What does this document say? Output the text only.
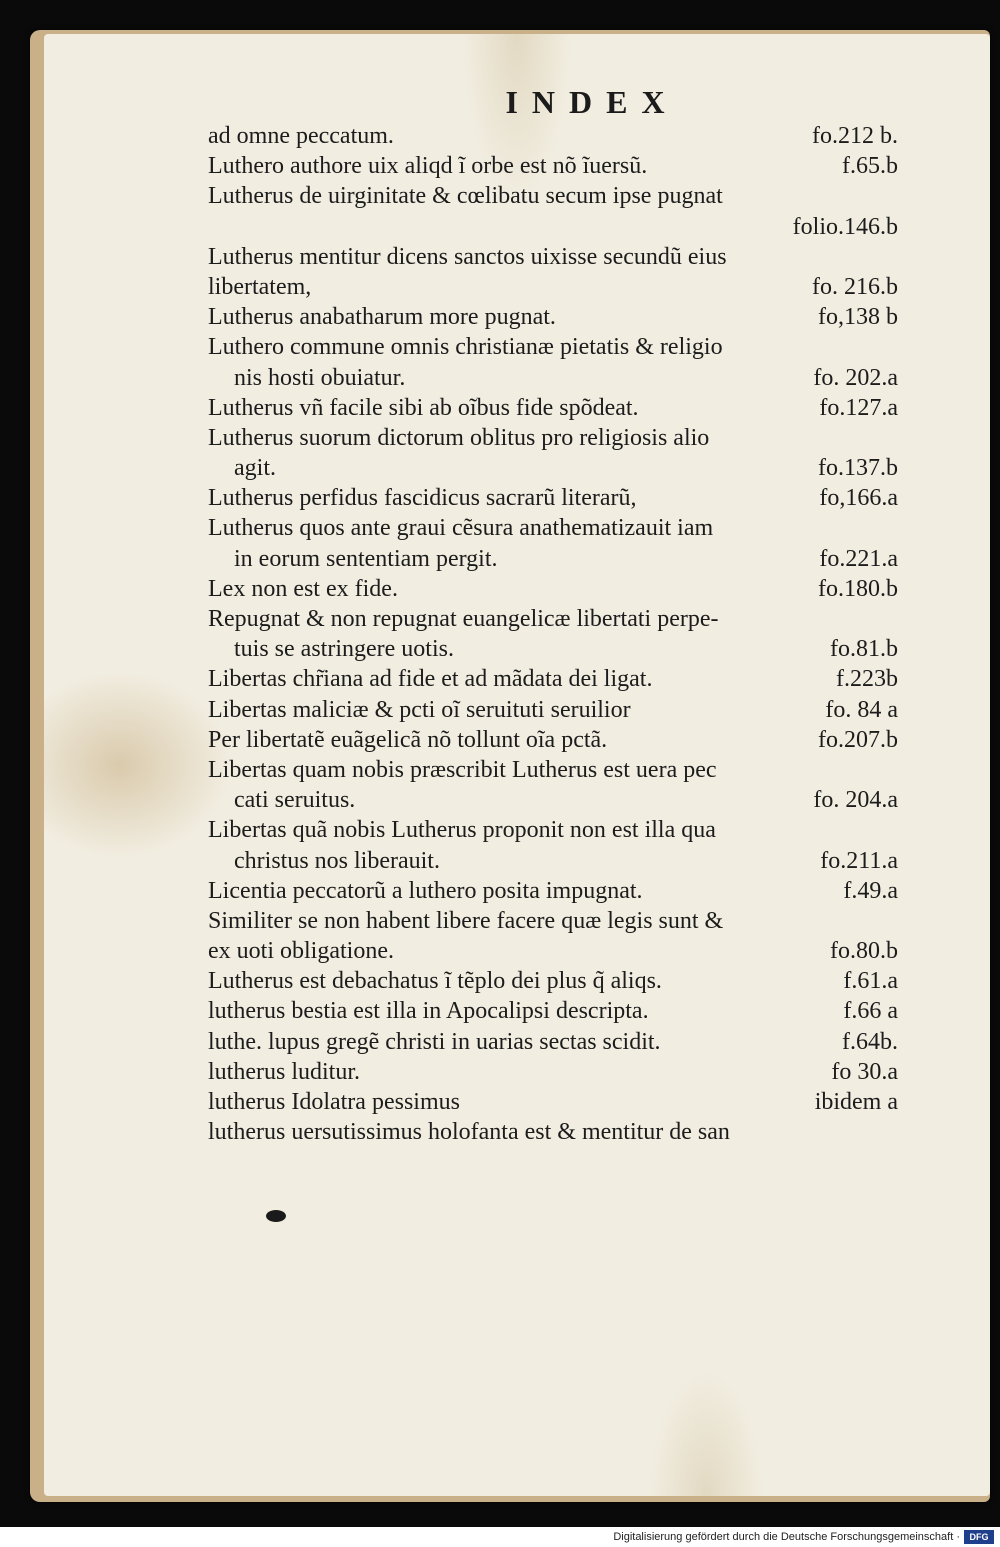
INDEX
ad omne peccatum.	fo.212 b.
Luthero authore uix aliqd ĩ orbe est nõ ĩuersũ.	f.65.b
Lutherus de uirginitate & cœlibatu secum ipse pugnat
folio.146.b
Lutherus mentitur dicens sanctos uixisse secundũ eius
libertatem,	fo. 216.b
Lutherus anabatharum more pugnat.	fo,138 b
Luthero commune omnis christianæ pietatis & religio
nis hosti obuiatur.	fo. 202.a
Lutherus vñ facile sibi ab oĩbus fide spõdeat.	fo.127.a
Lutherus suorum dictorum oblitus pro religiosis alio
agit.	fo.137.b
Lutherus perfidus fascidicus sacrarũ literarũ,	fo,166.a
Lutherus quos ante graui cẽsura anathematizauit iam
in eorum sententiam pergit.	fo.221.a
Lex non est ex fide.	fo.180.b
Repugnat & non repugnat euangelicæ libertati perpe-
tuis se astringere uotis.	fo.81.b
Libertas chr̃iana ad fide et ad mãdata dei ligat.	f.223b
Libertas maliciæ & pcti oĩ seruituti seruilior	fo. 84 a
Per libertatẽ euãgelicã nõ tollunt oĩa pctã.	fo.207.b
Libertas quam nobis præscribit Lutherus est uera pec
cati seruitus.	fo. 204.a
Libertas quã nobis Lutherus proponit non est illa qua
christus nos liberauit.	fo.211.a
Licentia peccatorũ a luthero posita impugnat.	f.49.a
Similiter se non habent libere facere quæ legis sunt &
ex uoti obligatione.	fo.80.b
Lutherus est debachatus ĩ tẽplo dei plus q̃ aliqs.	f.61.a
lutherus bestia est illa in Apocalipsi descripta.	f.66 a
luthe. lupus gregẽ christi in uarias sectas scidit.	f.64b.
lutherus luditur.	fo 30.a
lutherus Idolatra pessimus	ibidem a
lutherus uersutissimus holofanta est & mentitur de san
Digitalisierung gefördert durch die Deutsche Forschungsgemeinschaft ·	DFG
